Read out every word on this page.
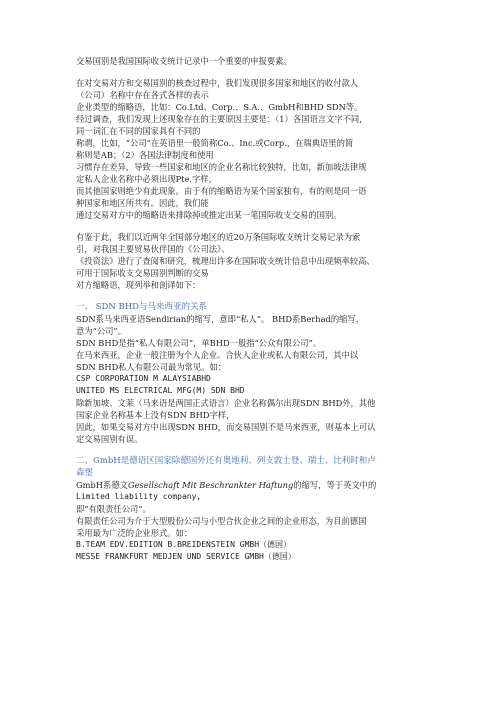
交易国别是我国国际收支统计记录中一个重要的申报要素。
在对交易对方和交易国别的核查过程中，我们发现很多国家和地区的收付款人
（公司）名称中存在各式各样的表示
企业类型的缩略语，比如：Co.Ltd、Corp.、S.A.、GmbH和BHD SDN等。
经过调查，我们发现上述现象存在的主要原因主要是：（1）各国语言文字不同，
同一词汇在不同的国家具有不同的
称谓，比如，“公司”在英语里一般简称Co.、Inc.或Corp.，在瑞典语里的简
称则是AB；（2）各国法律制度和使用
习惯存在差异，导致一些国家和地区的企业名称比较独特，比如，新加坡法律规
定私人企业名称中必须出现Pte.字样，
而其他国家则绝少有此现象。由于有的缩略语为某个国家独有，有的则是同一语
种国家和地区所共有。因此，我们能
通过交易对方中的缩略语来排除掉或推定出某一笔国际收支交易的国别。
有鉴于此，我们以近两年全国部分地区的近20万条国际收支统计交易记录为索
引，对我国主要贸易伙伴国的《公司法》、
《投资法》进行了查阅和研究，梳理出许多在国际收支统计信息中出现频率较高、
可用于国际收支交易国别判断的交易
对方缩略语，现列举和剖译如下：
一、 SDN BHD与马来西亚的关系
SDN系马来西亚语Sendirian的缩写，意即“私人”。 BHD系Berhad的缩写，
意为“公司”。
SDN BHD是指“私人有限公司”，单BHD一般指“公众有限公司”。
在马来西亚，企业一般注册为个人企业、合伙人企业或私人有限公司，其中以
SDN BHD私人有限公司最为常见。如：
CSP CORPORATION M ALAYSIABHD
UNITED MS ELECTRICAL MFG(M) SDN BHD
除新加坡、文莱（马来语是两国正式语言）企业名称偶尔出现SDN BHD外，其他
国家企业名称基本上没有SDN BHD字样，
因此，如果交易对方中出现SDN BHD，而交易国别不是马来西亚，则基本上可认
定交易国别有误。
二、GmbH是德语区国家除德国外还有奥地利、列支敦士登、瑞士、比利时和卢
森堡
GmbH系德文Gesellschaft Mit Beschrankter Haftung的缩写，等于英文中的
Limited liability company,
即“有限责任公司”。
有限责任公司为介于大型股份公司与小型合伙企业之间的企业形态，为目前德国
采用最为广泛的企业形式。如：
B.TEAM EDV.EDITION B.BREIDENSTEIN GMBH（德国）
MESSE FRANKFURT MEDJEN UND SERVICE GMBH（德国）
